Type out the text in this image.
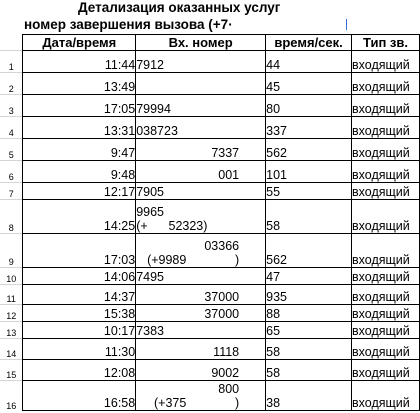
Детализация оказанных услуг
номер завершения вызова (+7·
	Дата/время	Вх. номер	время/сек.	Тип зв.
1	11:44	7912	44	входящий
2	13:49		45	входящий
3	17:05	79994	80	входящий
4	13:31	038723	337	входящий
5	9:47	7337	562	входящий
6	9:48	001	101	входящий
7	12:17	7905	55	входящий
8	14:25	9965
(+      52323)	58	входящий
9	17:03	03366
(+9989              )	562	входящий
10	14:06	7495	47	входящий
11	14:37	37000	935	входящий
12	15:38	37000	88	входящий
13	10:17	7383	65	входящий
14	11:30	1118	58	входящий
15	12:08	9002	58	входящий
16	16:58	800
(+375              )	38	входящий
